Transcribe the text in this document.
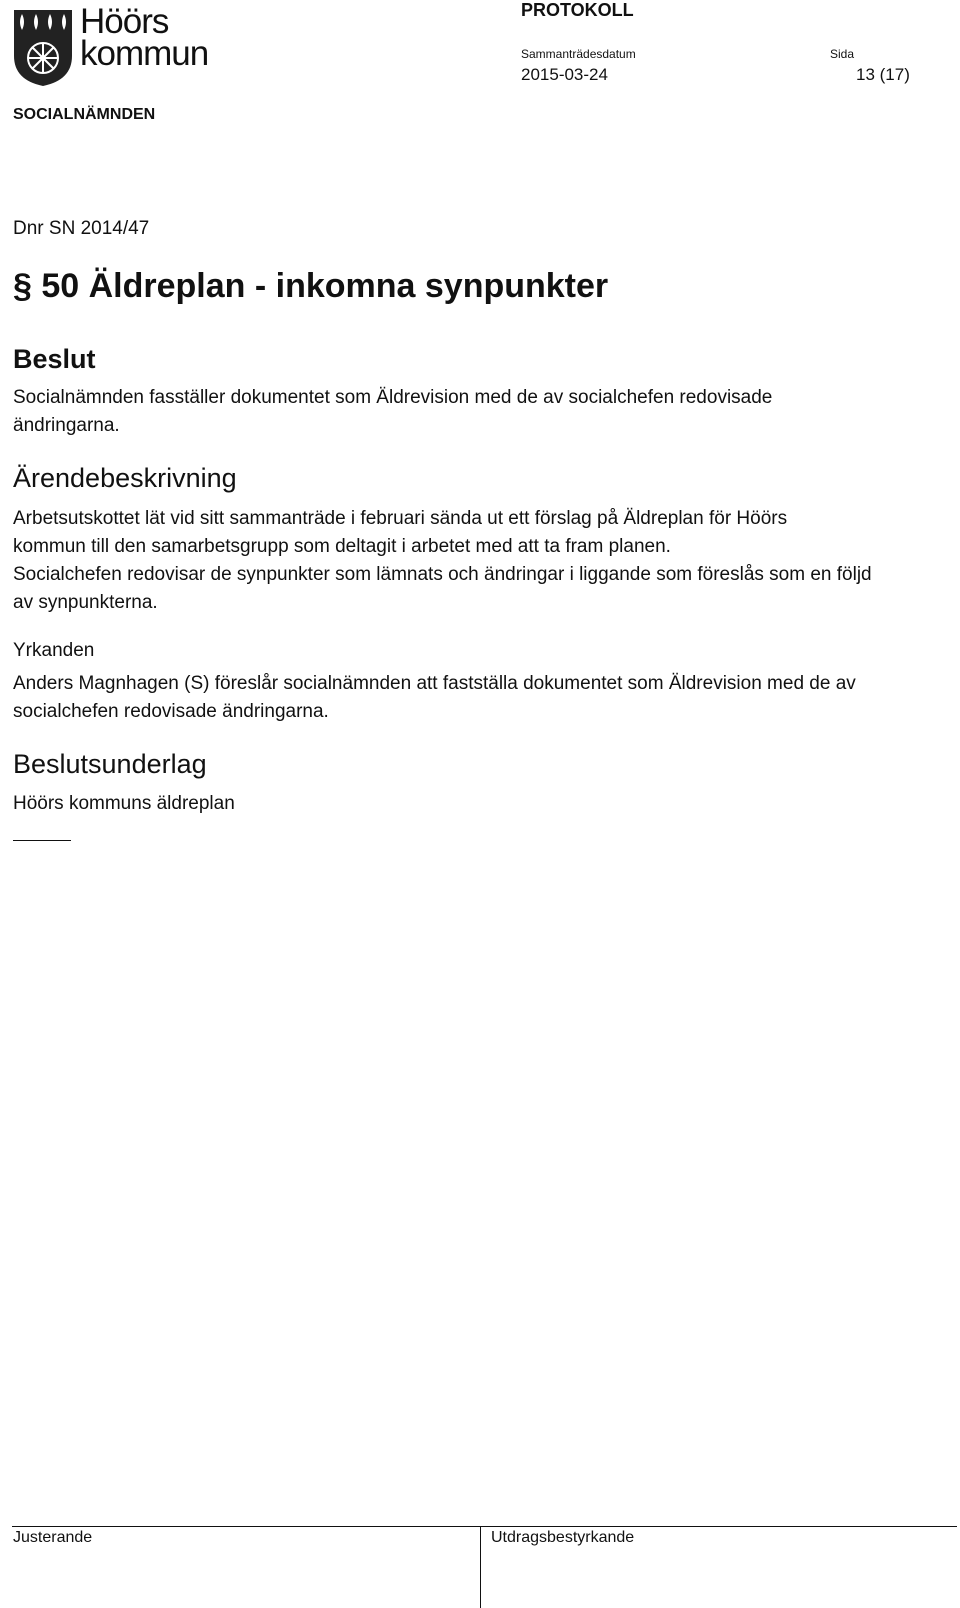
Höörs
kommun
PROTOKOLL
Sammanträdesdatum
2015-03-24
Sida
13 (17)
SOCIALNÄMNDEN
Dnr SN 2014/47
§ 50 Äldreplan - inkomna synpunkter
Beslut
Socialnämnden fasställer dokumentet som Äldrevision med de av socialchefen redovisade ändringarna.
Ärendebeskrivning
Arbetsutskottet lät vid sitt sammanträde i februari sända ut ett förslag på Äldreplan för Höörs kommun till den samarbetsgrupp som deltagit i arbetet med att ta fram planen.
Socialchefen redovisar de synpunkter som lämnats och ändringar i liggande som föreslås som en följd av synpunkterna.
Yrkanden
Anders Magnhagen (S) föreslår socialnämnden att fastställa dokumentet som Äldrevision med de av socialchefen redovisade ändringarna.
Beslutsunderlag
Höörs kommuns äldreplan
Justerande	Utdragsbestyrkande
